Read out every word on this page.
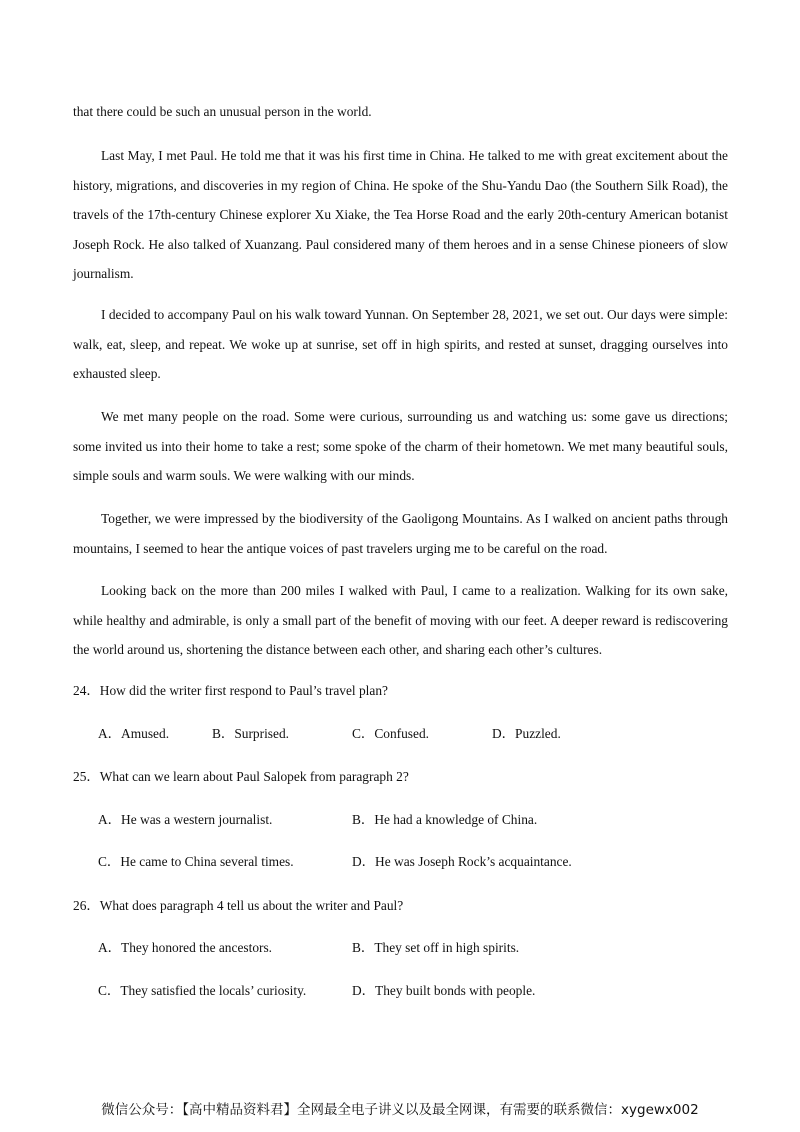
that there could be such an unusual person in the world.

Last May, I met Paul. He told me that it was his first time in China. He talked to me with great excitement about the history, migrations, and discoveries in my region of China. He spoke of the Shu-Yandu Dao (the Southern Silk Road), the travels of the 17th-century Chinese explorer Xu Xiake, the Tea Horse Road and the early 20th-century American botanist Joseph Rock. He also talked of Xuanzang. Paul considered many of them heroes and in a sense Chinese pioneers of slow journalism.

I decided to accompany Paul on his walk toward Yunnan. On September 28, 2021, we set out. Our days were simple: walk, eat, sleep, and repeat. We woke up at sunrise, set off in high spirits, and rested at sunset, dragging ourselves into exhausted sleep.

We met many people on the road. Some were curious, surrounding us and watching us: some gave us directions; some invited us into their home to take a rest; some spoke of the charm of their hometown. We met many beautiful souls, simple souls and warm souls. We were walking with our minds.

Together, we were impressed by the biodiversity of the Gaoligong Mountains. As I walked on ancient paths through mountains, I seemed to hear the antique voices of past travelers urging me to be careful on the road.

Looking back on the more than 200 miles I walked with Paul, I came to a realization. Walking for its own sake, while healthy and admirable, is only a small part of the benefit of moving with our feet. A deeper reward is rediscovering the world around us, shortening the distance between each other, and sharing each other’s cultures.

24．How did the writer first respond to Paul’s travel plan?
A．Amused.	B．Surprised.	C．Confused.	D．Puzzled.
25．What can we learn about Paul Salopek from paragraph 2?
A．He was a western journalist.	B．He had a knowledge of China.
C．He came to China several times.	D．He was Joseph Rock’s acquaintance.
26．What does paragraph 4 tell us about the writer and Paul?
A．They honored the ancestors.	B．They set off in high spirits.
C．They satisfied the locals’ curiosity.	D．They built bonds with people.
微信公众号：【高中精品资料君】全网最全电子讲义以及最全网课，有需要的联系微信：xygewx002
